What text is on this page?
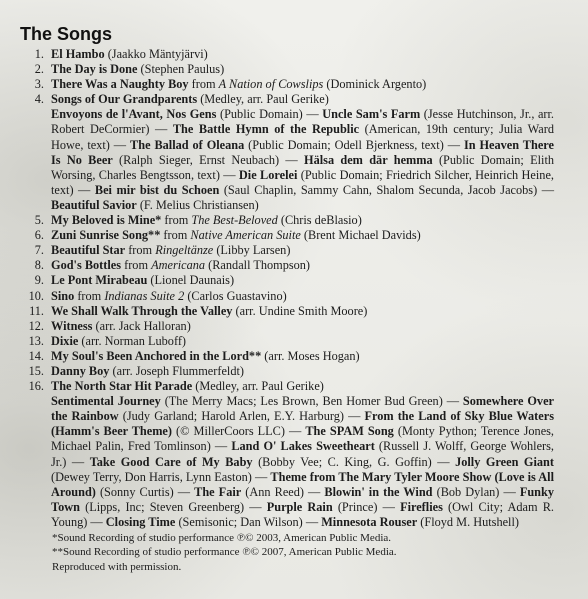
The Songs
1. El Hambo (Jaakko Mäntyjärvi)
2. The Day is Done (Stephen Paulus)
3. There Was a Naughty Boy from A Nation of Cowslips (Dominick Argento)
4. Songs of Our Grandparents (Medley, arr. Paul Gerike)
Envoyons de l'Avant, Nos Gens (Public Domain) — Uncle Sam's Farm (Jesse Hutchinson, Jr., arr. Robert DeCormier) — The Battle Hymn of the Republic (American, 19th century; Julia Ward Howe, text) — The Ballad of Oleana (Public Domain; Odell Bjerkness, text) — In Heaven There Is No Beer (Ralph Sieger, Ernst Neubach) — Hälsa dem där hemma (Public Domain; Elith Worsing, Charles Bengtsson, text) — Die Lorelei (Public Domain; Friedrich Silcher, Heinrich Heine, text) — Bei mir bist du Schoen (Saul Chaplin, Sammy Cahn, Shalom Secunda, Jacob Jacobs) — Beautiful Savior (F. Melius Christiansen)
5. My Beloved is Mine* from The Best-Beloved (Chris deBlasio)
6. Zuni Sunrise Song** from Native American Suite (Brent Michael Davids)
7. Beautiful Star from Ringeltänze (Libby Larsen)
8. God's Bottles from Americana (Randall Thompson)
9. Le Pont Mirabeau (Lionel Daunais)
10. Sino from Indianas Suite 2 (Carlos Guastavino)
11. We Shall Walk Through the Valley (arr. Undine Smith Moore)
12. Witness (arr. Jack Halloran)
13. Dixie (arr. Norman Luboff)
14. My Soul's Been Anchored in the Lord** (arr. Moses Hogan)
15. Danny Boy (arr. Joseph Flummerfeldt)
16. The North Star Hit Parade (Medley, arr. Paul Gerike)
Sentimental Journey (The Merry Macs; Les Brown, Ben Homer Bud Green) — Somewhere Over the Rainbow (Judy Garland; Harold Arlen, E.Y. Harburg) — From the Land of Sky Blue Waters (Hamm's Beer Theme) (© MillerCoors LLC) — The SPAM Song (Monty Python; Terence Jones, Michael Palin, Fred Tomlinson) — Land O' Lakes Sweetheart (Russell J. Wolff, George Wohlers, Jr.) — Take Good Care of My Baby (Bobby Vee; C. King, G. Goffin) — Jolly Green Giant (Dewey Terry, Don Harris, Lynn Easton) — Theme from The Mary Tyler Moore Show (Love is All Around) (Sonny Curtis) — The Fair (Ann Reed) — Blowin' in the Wind (Bob Dylan) — Funky Town (Lipps, Inc; Steven Greenberg) — Purple Rain (Prince) — Fireflies (Owl City; Adam R. Young) — Closing Time (Semisonic; Dan Wilson) — Minnesota Rouser (Floyd M. Hutshell)
*Sound Recording of studio performance ℗© 2003, American Public Media.
**Sound Recording of studio performance ℗© 2007, American Public Media.
Reproduced with permission.
